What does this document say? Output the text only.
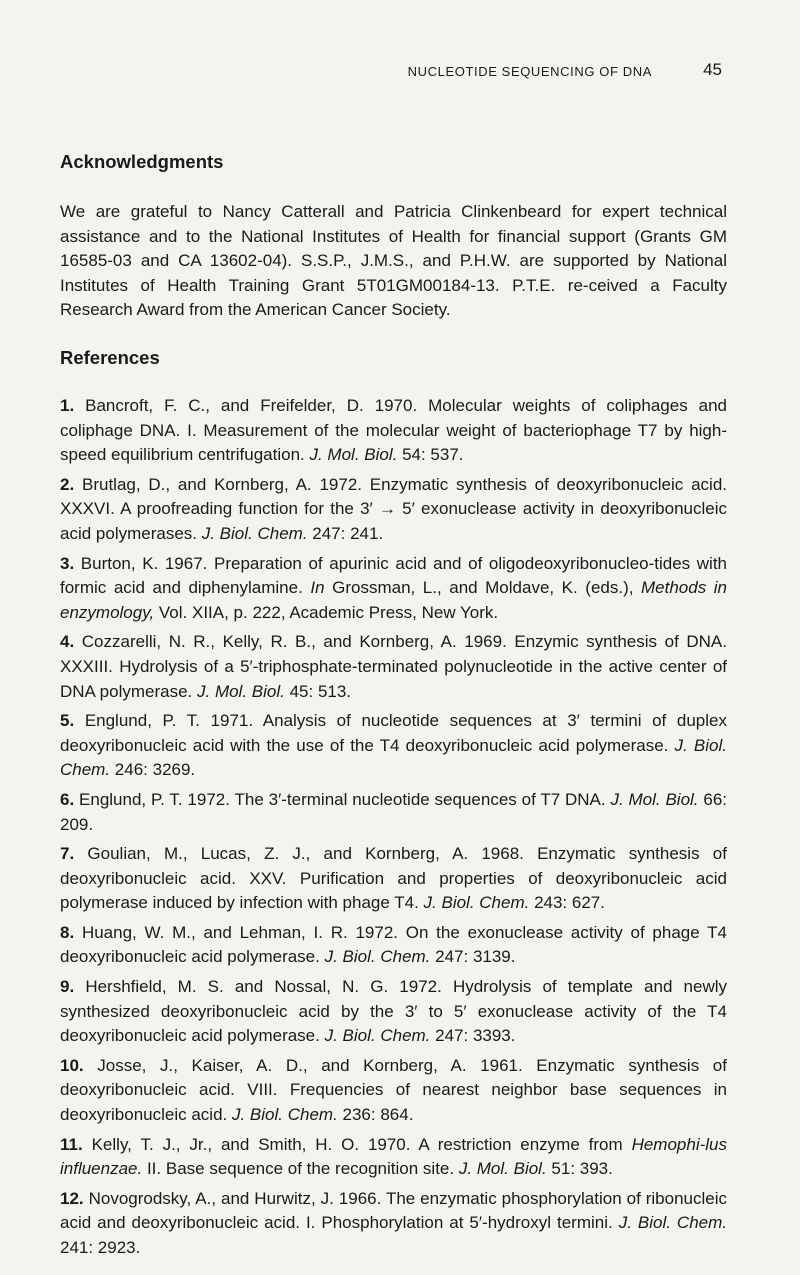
NUCLEOTIDE SEQUENCING OF DNA	45
Acknowledgments

We are grateful to Nancy Catterall and Patricia Clinkenbeard for expert technical assistance and to the National Institutes of Health for financial support (Grants GM 16585-03 and CA 13602-04). S.S.P., J.M.S., and P.H.W. are supported by National Institutes of Health Training Grant 5T01GM00184-13. P.T.E. re-ceived a Faculty Research Award from the American Cancer Society.

References
1. Bancroft, F. C., and Freifelder, D. 1970. Molecular weights of coliphages and coliphage DNA. I. Measurement of the molecular weight of bacteriophage T7 by high-speed equilibrium centrifugation. J. Mol. Biol. 54: 537.
2. Brutlag, D., and Kornberg, A. 1972. Enzymatic synthesis of deoxyribonucleic acid. XXXVI. A proofreading function for the 3′ → 5′ exonuclease activity in deoxyribonucleic acid polymerases. J. Biol. Chem. 247: 241.
3. Burton, K. 1967. Preparation of apurinic acid and of oligodeoxyribonucleo-tides with formic acid and diphenylamine. In Grossman, L., and Moldave, K. (eds.), Methods in enzymology, Vol. XIIA, p. 222, Academic Press, New York.
4. Cozzarelli, N. R., Kelly, R. B., and Kornberg, A. 1969. Enzymic synthesis of DNA. XXXIII. Hydrolysis of a 5′-triphosphate-terminated polynucleotide in the active center of DNA polymerase. J. Mol. Biol. 45: 513.
5. Englund, P. T. 1971. Analysis of nucleotide sequences at 3′ termini of duplex deoxyribonucleic acid with the use of the T4 deoxyribonucleic acid polymerase. J. Biol. Chem. 246: 3269.
6. Englund, P. T. 1972. The 3′-terminal nucleotide sequences of T7 DNA. J. Mol. Biol. 66: 209.
7. Goulian, M., Lucas, Z. J., and Kornberg, A. 1968. Enzymatic synthesis of deoxyribonucleic acid. XXV. Purification and properties of deoxyribonucleic acid polymerase induced by infection with phage T4. J. Biol. Chem. 243: 627.
8. Huang, W. M., and Lehman, I. R. 1972. On the exonuclease activity of phage T4 deoxyribonucleic acid polymerase. J. Biol. Chem. 247: 3139.
9. Hershfield, M. S. and Nossal, N. G. 1972. Hydrolysis of template and newly synthesized deoxyribonucleic acid by the 3′ to 5′ exonuclease activity of the T4 deoxyribonucleic acid polymerase. J. Biol. Chem. 247: 3393.
10. Josse, J., Kaiser, A. D., and Kornberg, A. 1961. Enzymatic synthesis of deoxyribonucleic acid. VIII. Frequencies of nearest neighbor base sequences in deoxyribonucleic acid. J. Biol. Chem. 236: 864.
11. Kelly, T. J., Jr., and Smith, H. O. 1970. A restriction enzyme from Hemophi-lus influenzae. II. Base sequence of the recognition site. J. Mol. Biol. 51: 393.
12. Novogrodsky, A., and Hurwitz, J. 1966. The enzymatic phosphorylation of ribonucleic acid and deoxyribonucleic acid. I. Phosphorylation at 5′-hydroxyl termini. J. Biol. Chem. 241: 2923.
